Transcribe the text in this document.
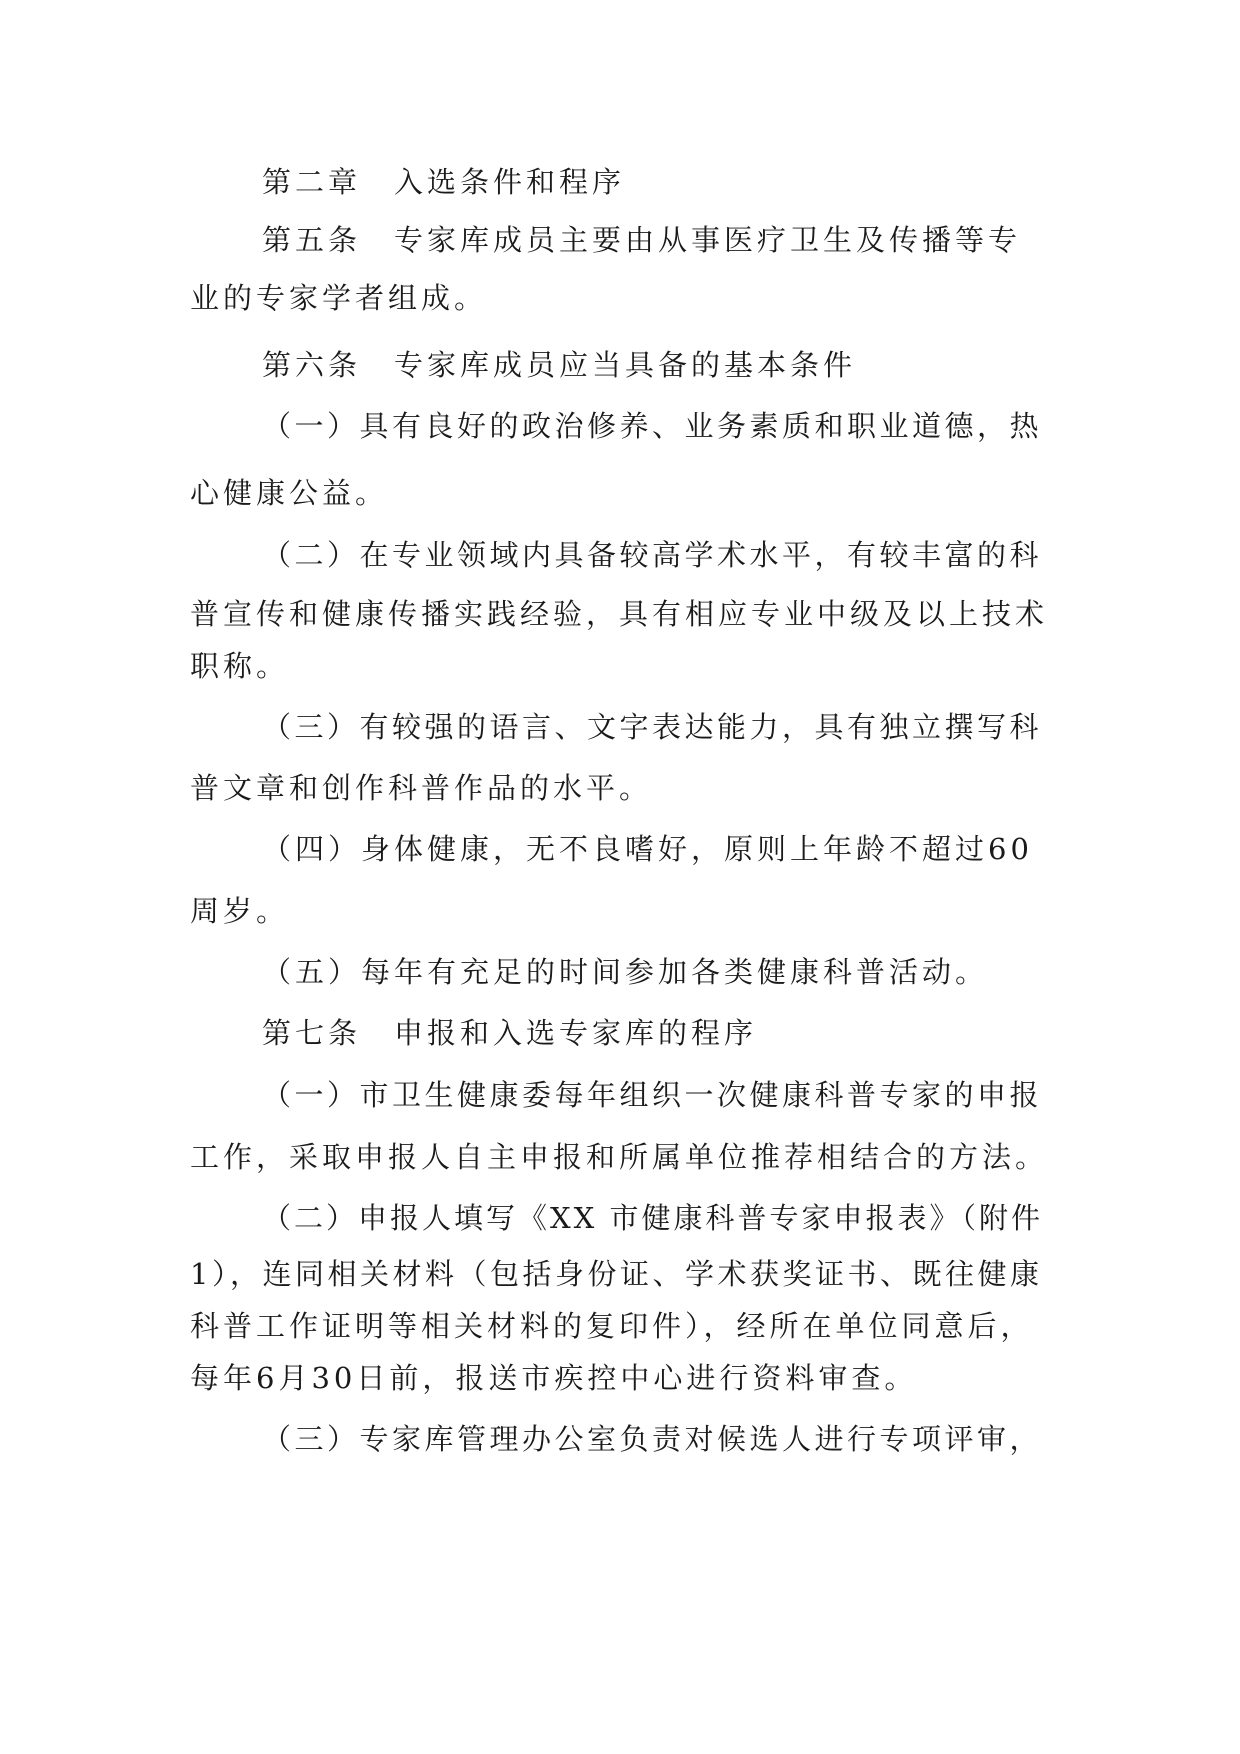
第二章　入选条件和程序
第五条　专家库成员主要由从事医疗卫生及传播等专
业的专家学者组成。
第六条　专家库成员应当具备的基本条件
（一）具有良好的政治修养、业务素质和职业道德，热
心健康公益。
（二）在专业领域内具备较高学术水平，有较丰富的科
普宣传和健康传播实践经验，具有相应专业中级及以上技术
职称。
（三）有较强的语言、文字表达能力，具有独立撰写科
普文章和创作科普作品的水平。
（四）身体健康，无不良嗜好，原则上年龄不超过60
周岁。
（五）每年有充足的时间参加各类健康科普活动。
第七条　申报和入选专家库的程序
（一）市卫生健康委每年组织一次健康科普专家的申报
工作，采取申报人自主申报和所属单位推荐相结合的方法。
（二）申报人填写《XX 市健康科普专家申报表》（附件
1），连同相关材料（包括身份证、学术获奖证书、既往健康
科普工作证明等相关材料的复印件），经所在单位同意后，
每年6月30日前，报送市疾控中心进行资料审查。
（三）专家库管理办公室负责对候选人进行专项评审，
